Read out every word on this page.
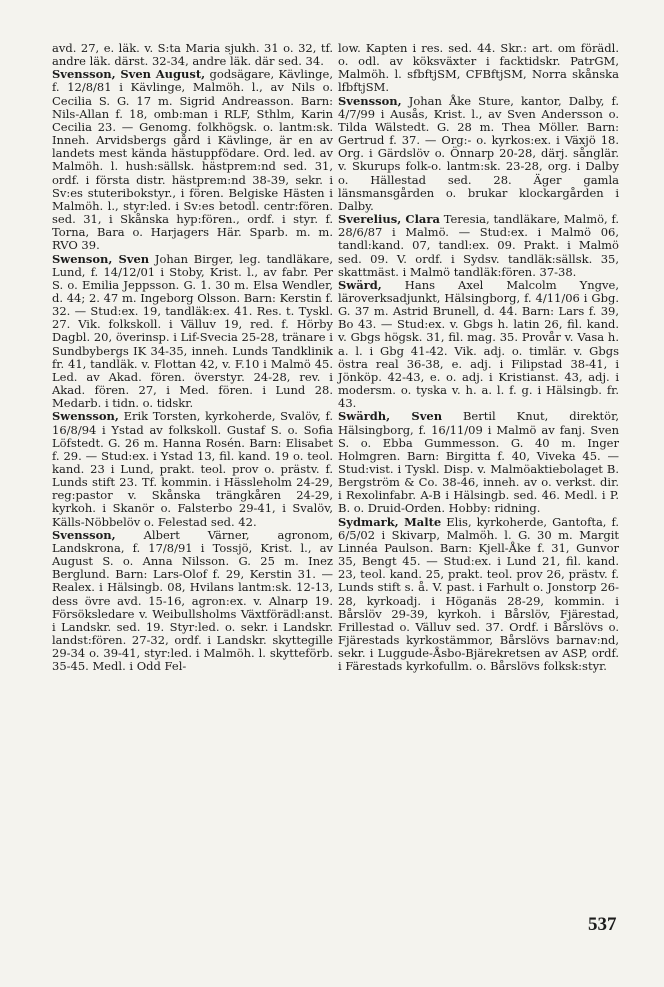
avd. 27, e. läk. v. S:ta Maria sjukh. 31 o. 32, tf. andre läk. därst. 32-34, andre läk. där sed. 34.

Svensson, Sven August, godsägare, Kävlinge, f. 12/8/81 i Kävlinge, Malmöh. l., av Nils o. Cecilia S. G. 17 m. Sigrid Andreasson. Barn: Nils-Allan f. 18, omb:man i RLF, Sthlm, Karin Cecilia 23. — Genomg. folkhögsk. o. lantm:sk. Inneh. Arvidsbergs gård i Kävlinge, är en av landets mest kända hästuppfödare. Ord. led. av Malmöh. l. hush:sällsk. hästprem:nd sed. 31, ordf. i första distr. hästprem:nd 38-39, sekr. i Sv:es stuteribokstyr., i fören. Belgiske Hästen i Malmöh. l., styr:led. i Sv:es betodl. centr:fören. sed. 31, i Skånska hyp:fören., ordf. i styr. f. Torna, Bara o. Harjagers Här. Sparb. m. m. RVO 39.

Swenson, Sven Johan Birger, leg. tandläkare, Lund, f. 14/12/01 i Stoby, Krist. l., av fabr. Per S. o. Emilia Jeppsson. G. 1. 30 m. Elsa Wendler, d. 44; 2. 47 m. Ingeborg Olsson. Barn: Kerstin f. 32. — Stud:ex. 19, tandläk:ex. 41. Res. t. Tyskl. 27. Vik. folkskoll. i Välluv 19, red. f. Hörby Dagbl. 20, överinsp. i Lif-Svecia 25-28, tränare i Sundbybergs IK 34-35, inneh. Lunds Tandklinik fr. 41, tandläk. v. Flottan 42, v. F.10 i Malmö 45. Led. av Akad. fören. överstyr. 24-28, rev. i Akad. fören. 27, i Med. fören. i Lund 28. Medarb. i tidn. o. tidskr.

Swensson, Erik Torsten, kyrkoherde, Svalöv, f. 16/8/94 i Ystad av folkskoll. Gustaf S. o. Sofia Löfstedt. G. 26 m. Hanna Rosén. Barn: Elisabet f. 29. — Stud:ex. i Ystad 13, fil. kand. 19 o. teol. kand. 23 i Lund, prakt. teol. prov o. prästv. f. Lunds stift 23. Tf. kommin. i Hässleholm 24-29, reg:pastor v. Skånska trängkåren 24-29, kyrkoh. i Skanör o. Falsterbo 29-41, i Svalöv, Källs-Nöbbelöv o. Felestad sed. 42.

Svensson, Albert Värner, agronom, Landskrona, f. 17/8/91 i Tossjö, Krist. l., av August S. o. Anna Nilsson. G. 25 m. Inez Berglund. Barn: Lars-Olof f. 29, Kerstin 31. — Realex. i Hälsingb. 08, Hvilans lantm:sk. 12-13, dess övre avd. 15-16, agron:ex. v. Alnarp 19. Försöksledare v. Weibullsholms Växtförädl:anst. i Landskr. sed. 19. Styr:led. o. sekr. i Landskr. landst:fören. 27-32, ordf. i Landskr. skyttegille 29-34 o. 39-41, styr:led. i Malmöh. l. skytteförb. 35-45. Medl. i Odd Fel-

low. Kapten i res. sed. 44. Skr.: art. om förädl. o. odl. av köksväxter i facktidskr. PatrGM, Malmöh. l. sfbftjSM, CFBftjSM, Norra skånska lfbftjSM.

Svensson, Johan Åke Sture, kantor, Dalby, f. 4/7/99 i Ausås, Krist. l., av Sven Andersson o. Tilda Wälstedt. G. 28 m. Thea Möller. Barn: Gertrud f. 37. — Org:- o. kyrkos:ex. i Växjö 18. Org. i Gärdslöv o. Önnarp 20-28, därj. sånglär. v. Skurups folk-o. lantm:sk. 23-28, org. i Dalby o. Hällestad sed. 28. Äger gamla länsmansgården o. brukar klockargården i Dalby.

Sverelius, Clara Teresia, tandläkare, Malmö, f. 28/6/87 i Malmö. — Stud:ex. i Malmö 06, tandl:kand. 07, tandl:ex. 09. Prakt. i Malmö sed. 09. V. ordf. i Sydsv. tandläk:sällsk. 35, skattmäst. i Malmö tandläk:fören. 37-38.

Swärd, Hans Axel Malcolm Yngve, läroverksadjunkt, Hälsingborg, f. 4/11/06 i Gbg. G. 37 m. Astrid Brunell, d. 44. Barn: Lars f. 39, Bo 43. — Stud:ex. v. Gbgs h. latin 26, fil. kand. v. Gbgs högsk. 31, fil. mag. 35. Provår v. Vasa h. a. l. i Gbg 41-42. Vik. adj. o. timlär. v. Gbgs östra real 36-38, e. adj. i Filipstad 38-41, i Jönköp. 42-43, e. o. adj. i Kristianst. 43, adj. i modersm. o. tyska v. h. a. l. f. g. i Hälsingb. fr. 43.

Swärdh, Sven Bertil Knut, direktör, Hälsingborg, f. 16/11/09 i Malmö av fanj. Sven S. o. Ebba Gummesson. G. 40 m. Inger Holmgren. Barn: Birgitta f. 40, Viveka 45. — Stud:vist. i Tyskl. Disp. v. Malmöaktiebolaget B. Bergström & Co. 38-46, inneh. av o. verkst. dir. i Rexolinfabr. A-B i Hälsingb. sed. 46. Medl. i P. B. o. Druid-Orden. Hobby: ridning.

Sydmark, Malte Elis, kyrkoherde, Gantofta, f. 6/5/02 i Skivarp, Malmöh. l. G. 30 m. Margit Linnéa Paulson. Barn: Kjell-Åke f. 31, Gunvor 35, Bengt 45. — Stud:ex. i Lund 21, fil. kand. 23, teol. kand. 25, prakt. teol. prov 26, prästv. f. Lunds stift s. å. V. past. i Farhult o. Jonstorp 26-28, kyrkoadj. i Höganäs 28-29, kommin. i Bårslöv 29-39, kyrkoh. i Bårslöv, Fjärestad, Frillestad o. Välluv sed. 37. Ordf. i Bårslövs o. Fjärestads kyrkostämmor, Bårslövs barnav:nd, sekr. i Luggude-Åsbo-Bjärekretsen av ASP, ordf. i Färestads kyrkofullm. o. Bårslövs folksk:styr.

537
